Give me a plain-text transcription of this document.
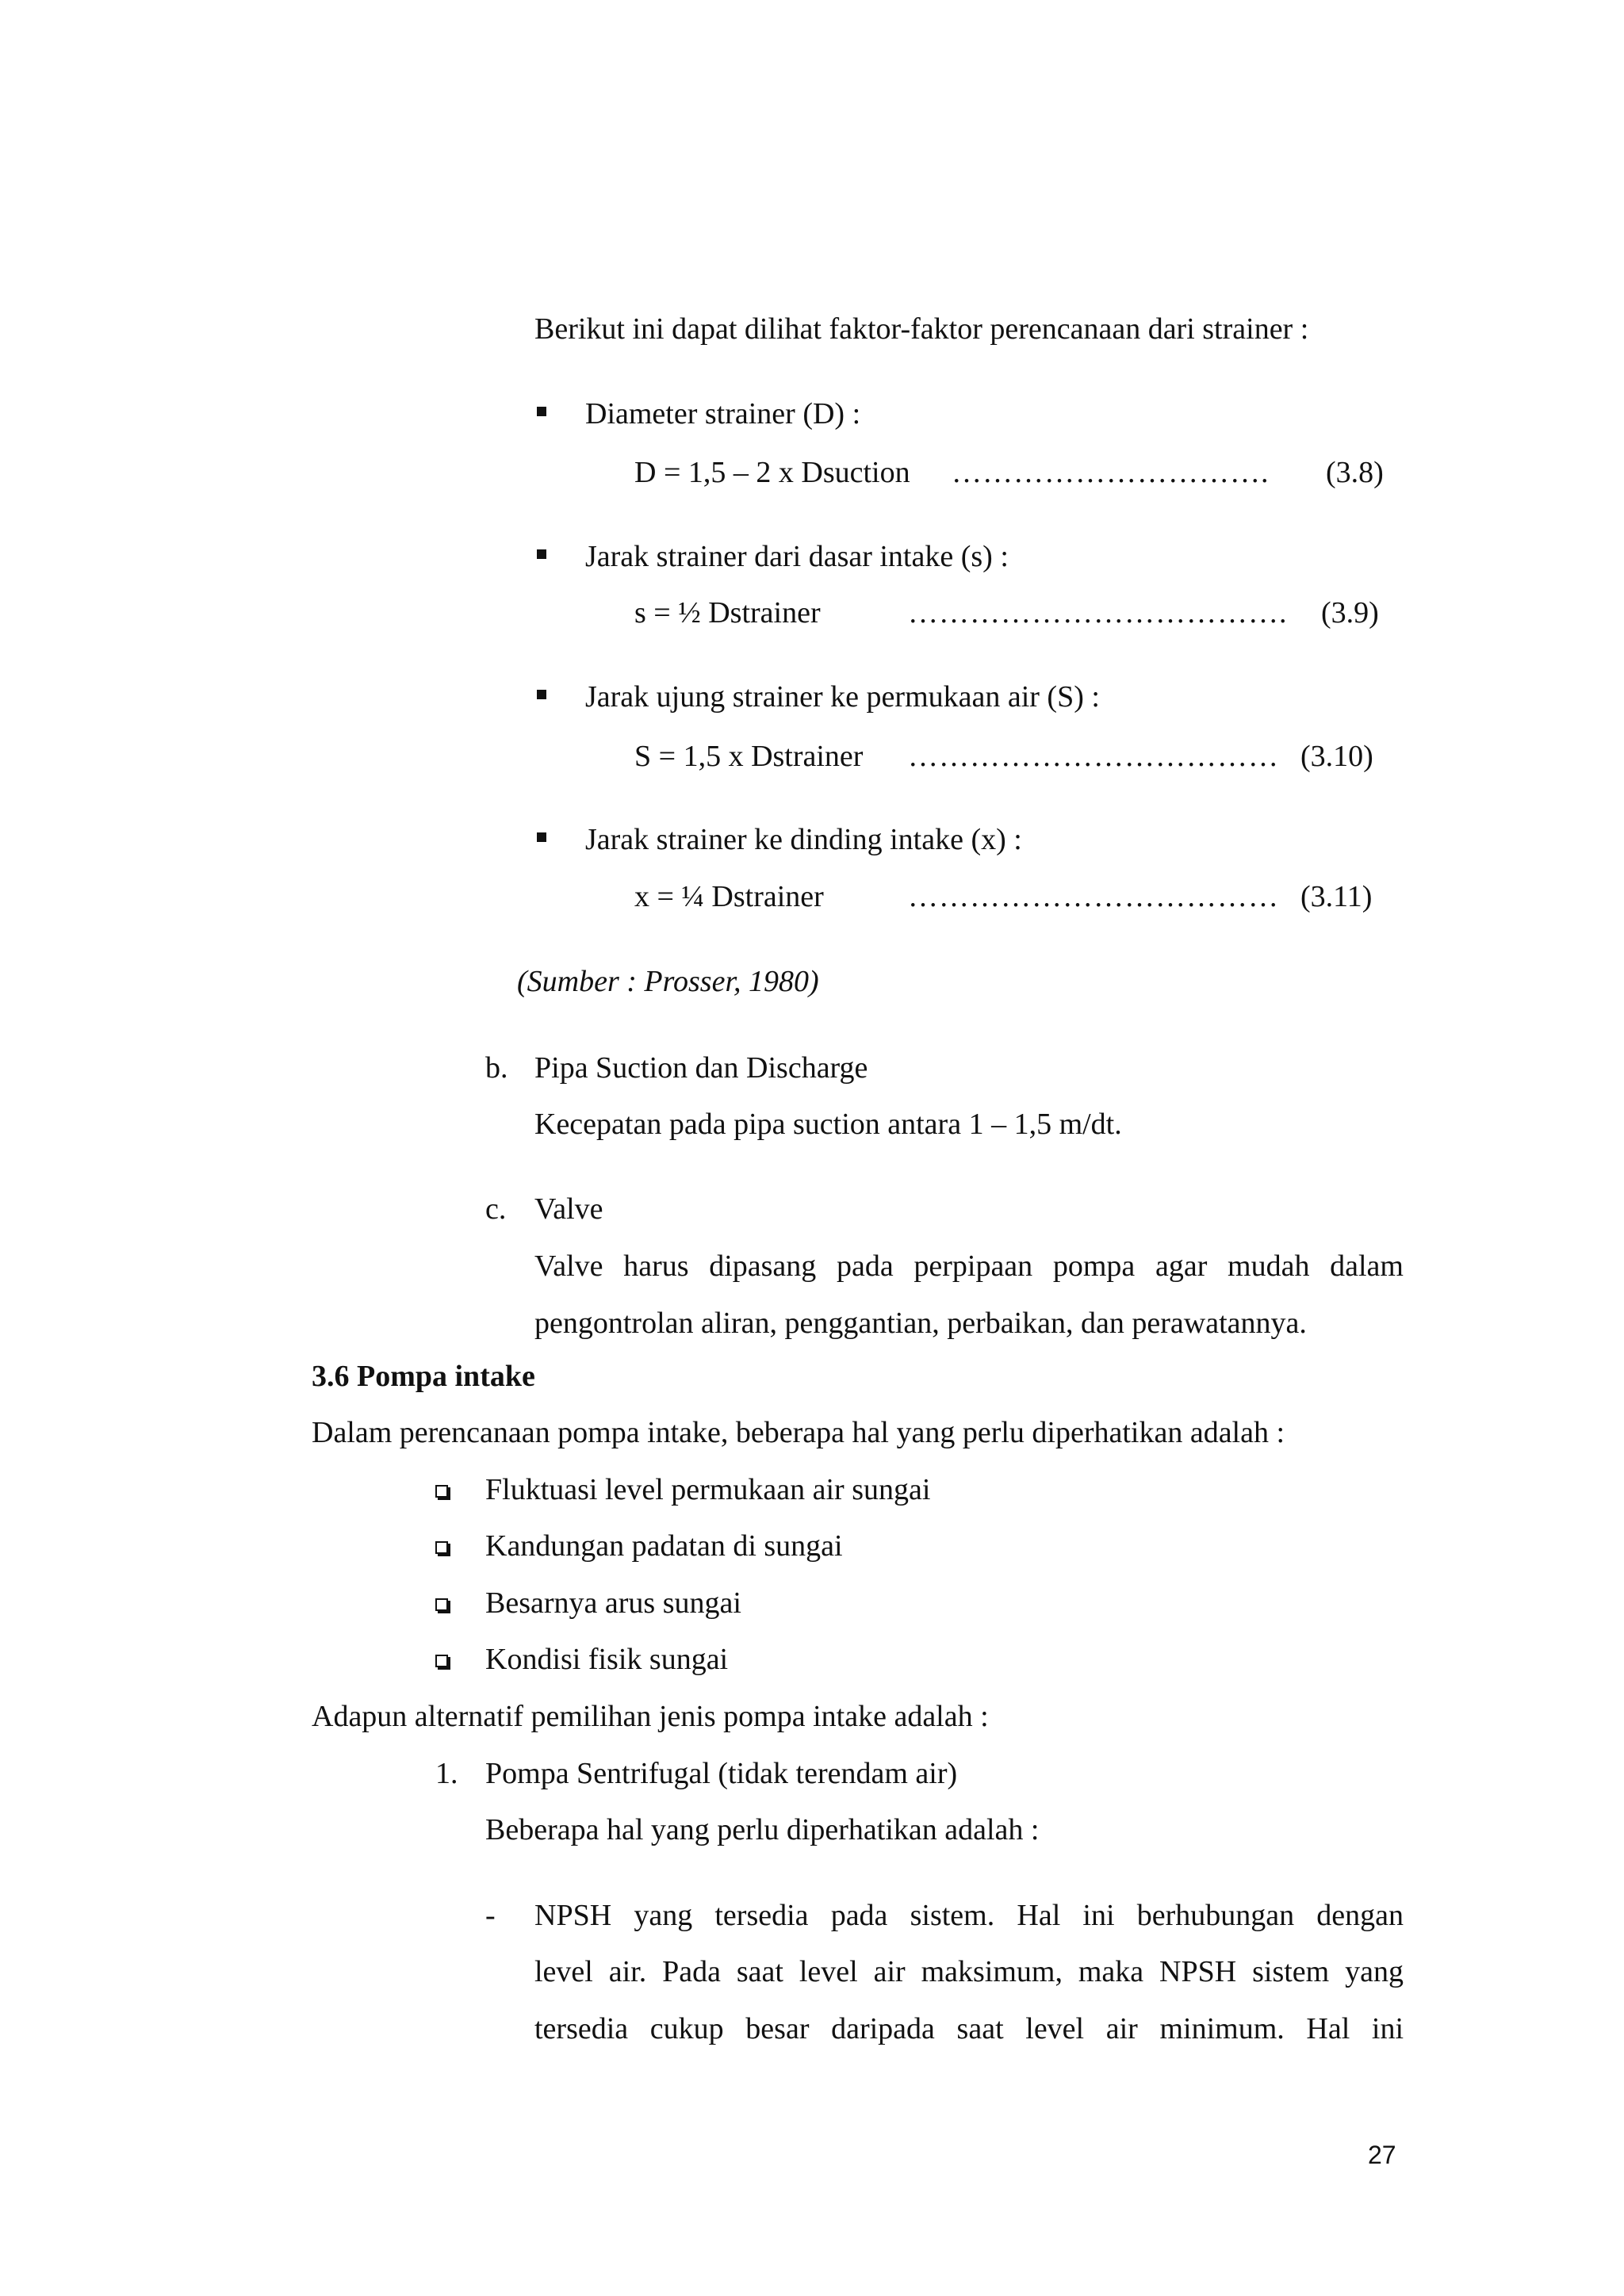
Berikut ini dapat dilihat faktor-faktor perencanaan dari strainer :
Diameter strainer (D) :
D = 1,5 – 2 x Dsuction …………………………. (3.8)
Jarak strainer dari dasar intake (s) :
s = ½ Dstrainer	………………………………. (3.9)
Jarak ujung strainer ke permukaan air (S) :
S = 1,5 x Dstrainer ……………………………… (3.10)
Jarak strainer ke dinding intake (x) :
x = ¼ Dstrainer	……………………………… (3.11)
(Sumber : Prosser, 1980)
b. Pipa Suction dan Discharge
Kecepatan pada pipa suction antara 1 – 1,5 m/dt.
c. Valve
Valve harus dipasang pada perpipaan pompa agar mudah dalam
pengontrolan aliran, penggantian, perbaikan, dan perawatannya.
3.6 Pompa intake
Dalam perencanaan pompa intake, beberapa hal yang perlu diperhatikan adalah :
Fluktuasi level permukaan air sungai
Kandungan padatan di sungai
Besarnya arus sungai
Kondisi fisik sungai
Adapun alternatif pemilihan jenis pompa intake adalah :
1. Pompa Sentrifugal (tidak terendam air)
Beberapa hal yang perlu diperhatikan adalah :
- NPSH yang tersedia pada sistem. Hal ini berhubungan dengan
level air. Pada saat level air maksimum, maka NPSH sistem yang
tersedia cukup besar daripada saat level air minimum. Hal ini
27
